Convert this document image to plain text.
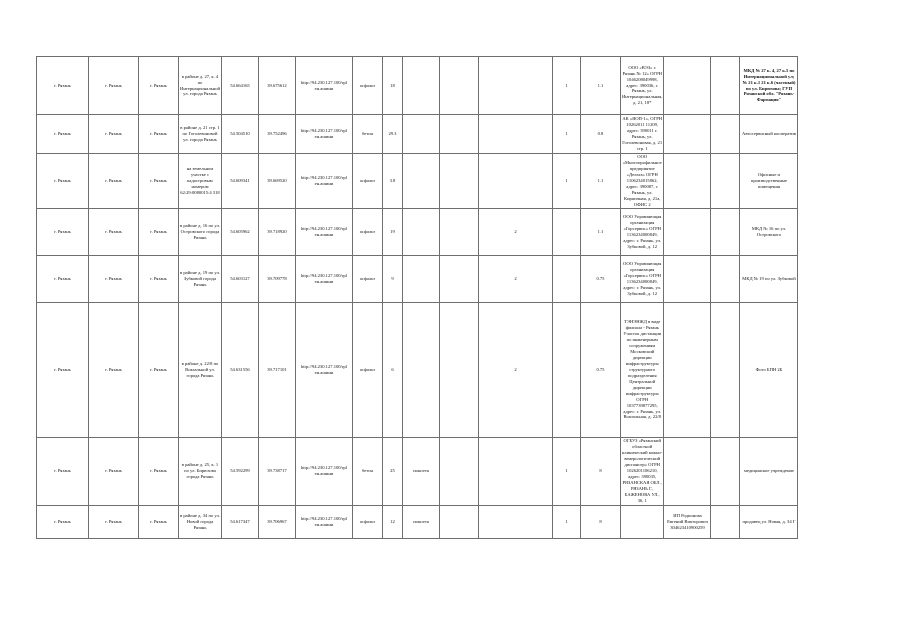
г. Рязань	г. Рязань	г. Рязань	в районе д. 27, к. 4 по Интернациональной ул. города Рязань	54.664165	39.675612	http://94.230.127.100/rpl ен.ашини	асфальт	18				1	1.1	ООО «ВЭЗ» г. Рязань № 12» ОГРН 1046208049998, адрес: 390036, г. Рязань, ул. Интернациональная, д. 21, 18*			МКД № 27 к. 4, 27 к.5 по Интернациональной ул; № 21 к.1 21 к.6 (частный) по ул. Бирюзова; ГУП Рязанской обл. "Рязань-Фармация"
г. Рязань	г. Рязань	г. Рязань	в районе д. 21 стр. 1 по Гоголевоновой ул. города Рязань	54.504510	39.752496	http://94.230.127.100/rpl ен.ашини	бетон	29.3				1	0.8	АК «ЯОП-1», ОГРН 10262011 11209, адрес: 390011 г. Рязань, ул. Гоголевоновая, д. 21 стр. 1			Автосервисный кооператив
г. Рязань	г. Рязань	г. Рязань	на земельном участке с кадастровым номером 62:29:0080015:4 318	54.609341	39.669520	http://94.230.127.100/rpl ен.ашини	асфальт	3.8				1	1.1	ООО «Многопрофильное предприятие «Дельта» ОГРН 1106234015862, адрес: 390087, г. Рязань, ул. Кирпичная, д. 21а, ОФИС 2			Офисные и производственные помещения
г. Рязань	г. Рязань	г. Рязань	в районе д. 16 по ул. Островского города Рязань	54.605962	39.718920	http://94.230.127.100/rpl ен.ашини	асфальт	19			2		1.1	ООО Управляющая организация «Горсервис» ОГРН 1136234000849, адрес: г. Рязань, ул. Зубковой, д. 12			МКД № 16 по ул. Островского
г. Рязань	г. Рязань	г. Рязань	в районе д. 19 по ул. Зубковой города Рязань	54.603127	39.709778	http://94.230.127.100/rpl ен.ашини	асфальт	9			2		0.75	ООО Управляющая организация «Горсервис» ОГРН 1136234000849, адрес: г. Рязань, ул. Зубковой, д. 12			МКД № 19 по ул. Зубковой
г. Рязань	г. Рязань	г. Рязань	в районе д. 22/8 по Вокзальной ул. города Рязань	54.631556	39.717101	http://94.230.127.100/rpl ен.ашини	асфальт	6			2		0.75	ТЭНЭНЖД в виде филиала - Рязань Участок дистанции по инженерным сооружениям Московский дирекции инфраструктуры структурного подразделения Центральной дирекции инфраструктуры ОГРН 1037739877295, адрес: г. Рязань, ул. Вокзальная, д. 22/8			Фото БПН 2Б
г. Рязань	г. Рязань	г. Рязань	в районе д. 25, к. 1 по ул. Бирюзова города Рязань	54.592299	39.738717	http://94.230.127.100/rpl ен.ашини	бетон	25	ионогея			1	8	ОГБУЗ «Рязанский областной клинический кожно-венерологический диспансер» ОГРН 1026201106210, адрес: 390035, РЯЗАНСКАЯ ОБЛ., РЯЗАНЬ Г., БАЖЕНОВА УЛ., 36, 1			медицинское учреждение
г. Рязань	г. Рязань	г. Рязань	в районе д. 34 по ул. Новой города Рязань	54.617347	39.706967	http://94.230.127.100/rpl ен.ашини	асфальт	12	ионогея			1	8		ИП Родионова Евгений Викторович 304623410900259		продавец ул. Новая, д. 34 Г
